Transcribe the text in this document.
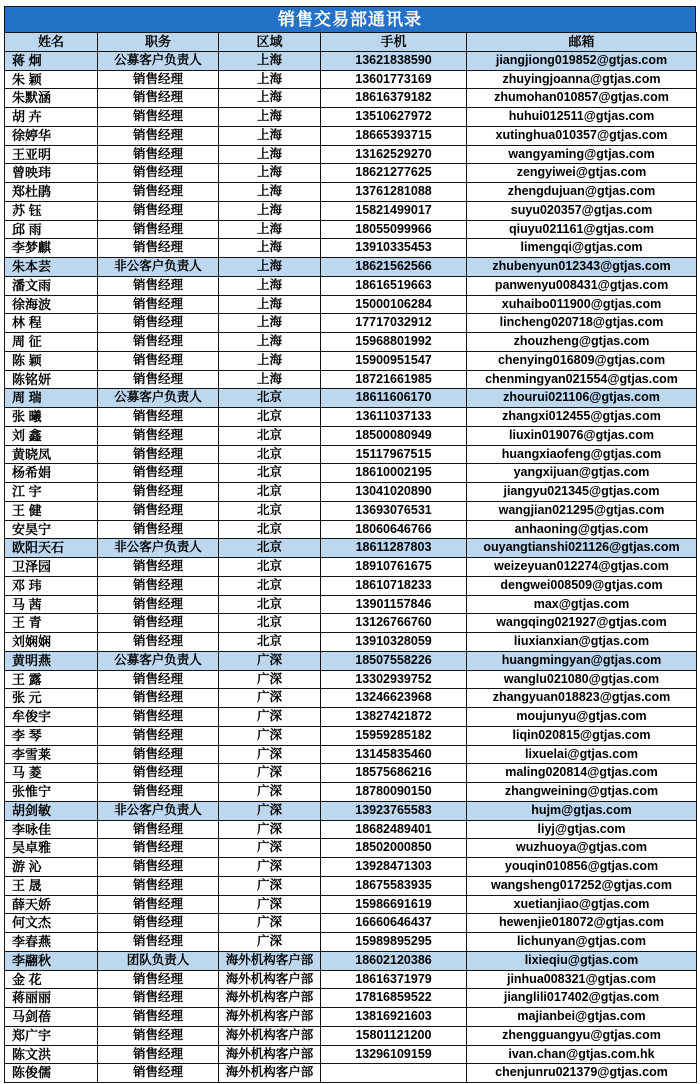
销售交易部通讯录
姓名	职务	区域	手机	邮箱
蒋 炯	公募客户负责人	上海	13621838590	jiangjiong019852@gtjas.com
朱 颖	销售经理	上海	13601773169	zhuyingjoanna@gtjas.com
朱默涵	销售经理	上海	18616379182	zhumohan010857@gtjas.com
胡 卉	销售经理	上海	13510627972	huhui012511@gtjas.com
徐婷华	销售经理	上海	18665393715	xutinghua010357@gtjas.com
王亚明	销售经理	上海	13162529270	wangyaming@gtjas.com
曾映玮	销售经理	上海	18621277625	zengyiwei@gtjas.com
郑杜鹃	销售经理	上海	13761281088	zhengdujuan@gtjas.com
苏 钰	销售经理	上海	15821499017	suyu020357@gtjas.com
邱 雨	销售经理	上海	18055099966	qiuyu021161@gtjas.com
李梦麒	销售经理	上海	13910335453	limengqi@gtjas.com
朱本芸	非公客户负责人	上海	18621562566	zhubenyun012343@gtjas.com
潘文雨	销售经理	上海	18616519663	panwenyu008431@gtjas.com
徐海波	销售经理	上海	15000106284	xuhaibo011900@gtjas.com
林 程	销售经理	上海	17717032912	lincheng020718@gtjas.com
周 征	销售经理	上海	15968801992	zhouzheng@gtjas.com
陈 颖	销售经理	上海	15900951547	chenying016809@gtjas.com
陈铭妍	销售经理	上海	18721661985	chenmingyan021554@gtjas.com
周 瑞	公募客户负责人	北京	18611606170	zhourui021106@gtjas.com
张 曦	销售经理	北京	13611037133	zhangxi012455@gtjas.com
刘 鑫	销售经理	北京	18500080949	liuxin019076@gtjas.com
黄晓凤	销售经理	北京	15117967515	huangxiaofeng@gtjas.com
杨希娟	销售经理	北京	18610002195	yangxijuan@gtjas.com
江 宇	销售经理	北京	13041020890	jiangyu021345@gtjas.com
王 健	销售经理	北京	13693076531	wangjian021295@gtjas.com
安昊宁	销售经理	北京	18060646766	anhaoning@gtjas.com
欧阳天石	非公客户负责人	北京	18611287803	ouyangtianshi021126@gtjas.com
卫泽园	销售经理	北京	18910761675	weizeyuan012274@gtjas.com
邓 玮	销售经理	北京	18610718233	dengwei008509@gtjas.com
马 茜	销售经理	北京	13901157846	max@gtjas.com
王 青	销售经理	北京	13126766760	wangqing021927@gtjas.com
刘娴娴	销售经理	北京	13910328059	liuxianxian@gtjas.com
黄明燕	公募客户负责人	广深	18507558226	huangmingyan@gtjas.com
王 露	销售经理	广深	13302939752	wanglu021080@gtjas.com
张 元	销售经理	广深	13246623968	zhangyuan018823@gtjas.com
牟俊宇	销售经理	广深	13827421872	moujunyu@gtjas.com
李 琴	销售经理	广深	15959285182	liqin020815@gtjas.com
李雪莱	销售经理	广深	13145835460	lixuelai@gtjas.com
马 菱	销售经理	广深	18575686216	maling020814@gtjas.com
张惟宁	销售经理	广深	18780090150	zhangweining@gtjas.com
胡剑敏	非公客户负责人	广深	13923765583	hujm@gtjas.com
李咏佳	销售经理	广深	18682489401	liyj@gtjas.com
吴卓雅	销售经理	广深	18502000850	wuzhuoya@gtjas.com
游 沁	销售经理	广深	13928471303	youqin010856@gtjas.com
王 晟	销售经理	广深	18675583935	wangsheng017252@gtjas.com
薛天娇	销售经理	广深	15986691619	xuetianjiao@gtjas.com
何文杰	销售经理	广深	16660646437	hewenjie018072@gtjas.com
李春燕	销售经理	广深	15989895295	lichunyan@gtjas.com
李翮秋	团队负责人	海外机构客户部	18602120386	lixieqiu@gtjas.com
金 花	销售经理	海外机构客户部	18616371979	jinhua008321@gtjas.com
蒋丽丽	销售经理	海外机构客户部	17816859522	jianglili017402@gtjas.com
马剑蓓	销售经理	海外机构客户部	13816921603	majianbei@gtjas.com
郑广宇	销售经理	海外机构客户部	15801121200	zhengguangyu@gtjas.com
陈文洪	销售经理	海外机构客户部	13296109159	ivan.chan@gtjas.com.hk
陈俊儒	销售经理	海外机构客户部		chenjunru021379@gtjas.com
